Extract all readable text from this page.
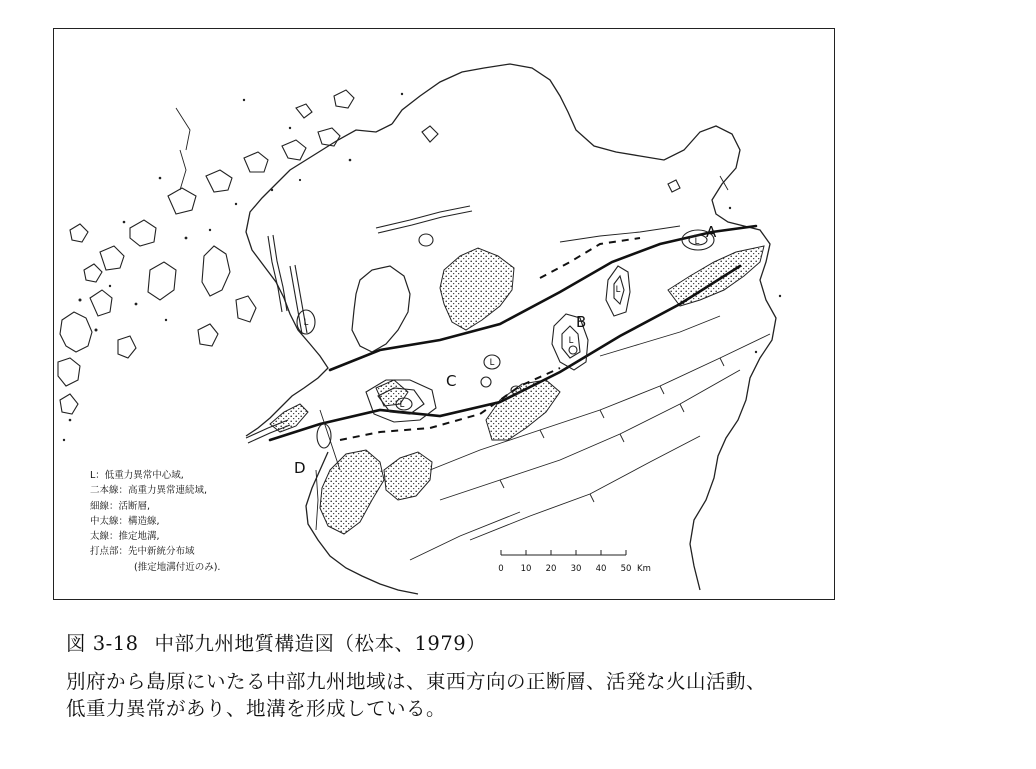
L
L
L
L
L
L
A
B
C
D
0 10 20 30 40 50 Km
L：低重力異常中心域,
二本線：高重力異常連続域,
細線：活断層,
中太線：構造線,
太線：推定地溝,
打点部：先中新統分布域
(推定地溝付近のみ).
図 3-18 中部九州地質構造図（松本、1979）
別府から島原にいたる中部九州地域は、東西方向の正断層、活発な火山活動、
低重力異常があり、地溝を形成している。
